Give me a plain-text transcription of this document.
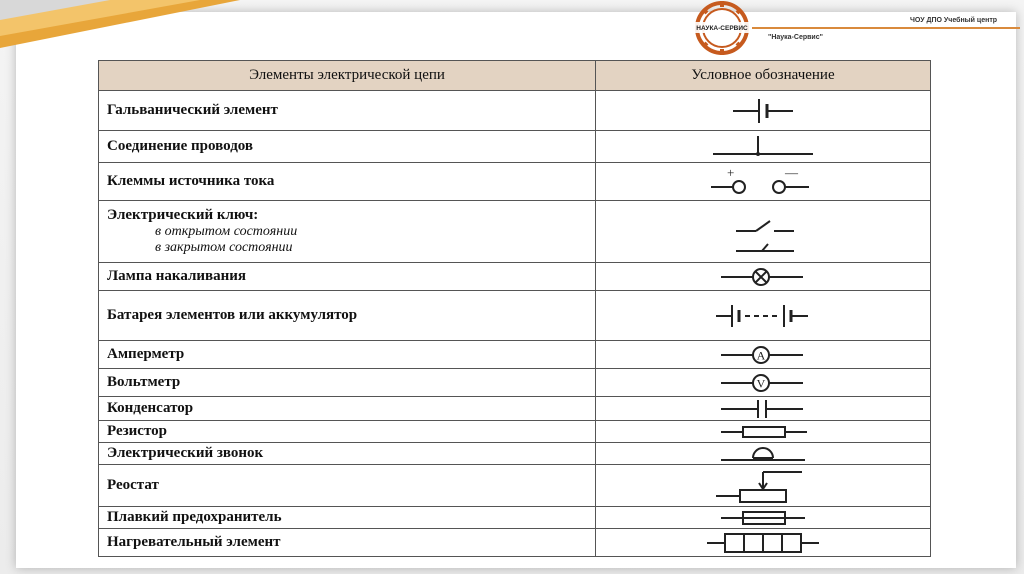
НАУКА-СЕРВИС
ЧОУ ДПО Учебный центр
"Наука-Сервис"
Элементы электрической цепи	Условное обозначение
Гальванический элемент	

Соединение проводов	

Клеммы источника тока	+ —

Электрический ключ:
в открытом состоянии
в закрытом состоянии

Лампа накаливания	

Батарея элементов или аккумулятор	

Амперметр	A

Вольтметр	V

Конденсатор	

Резистор	

Электрический звонок	

Реостат	

Плавкий предохранитель	

Нагревательный элемент	
